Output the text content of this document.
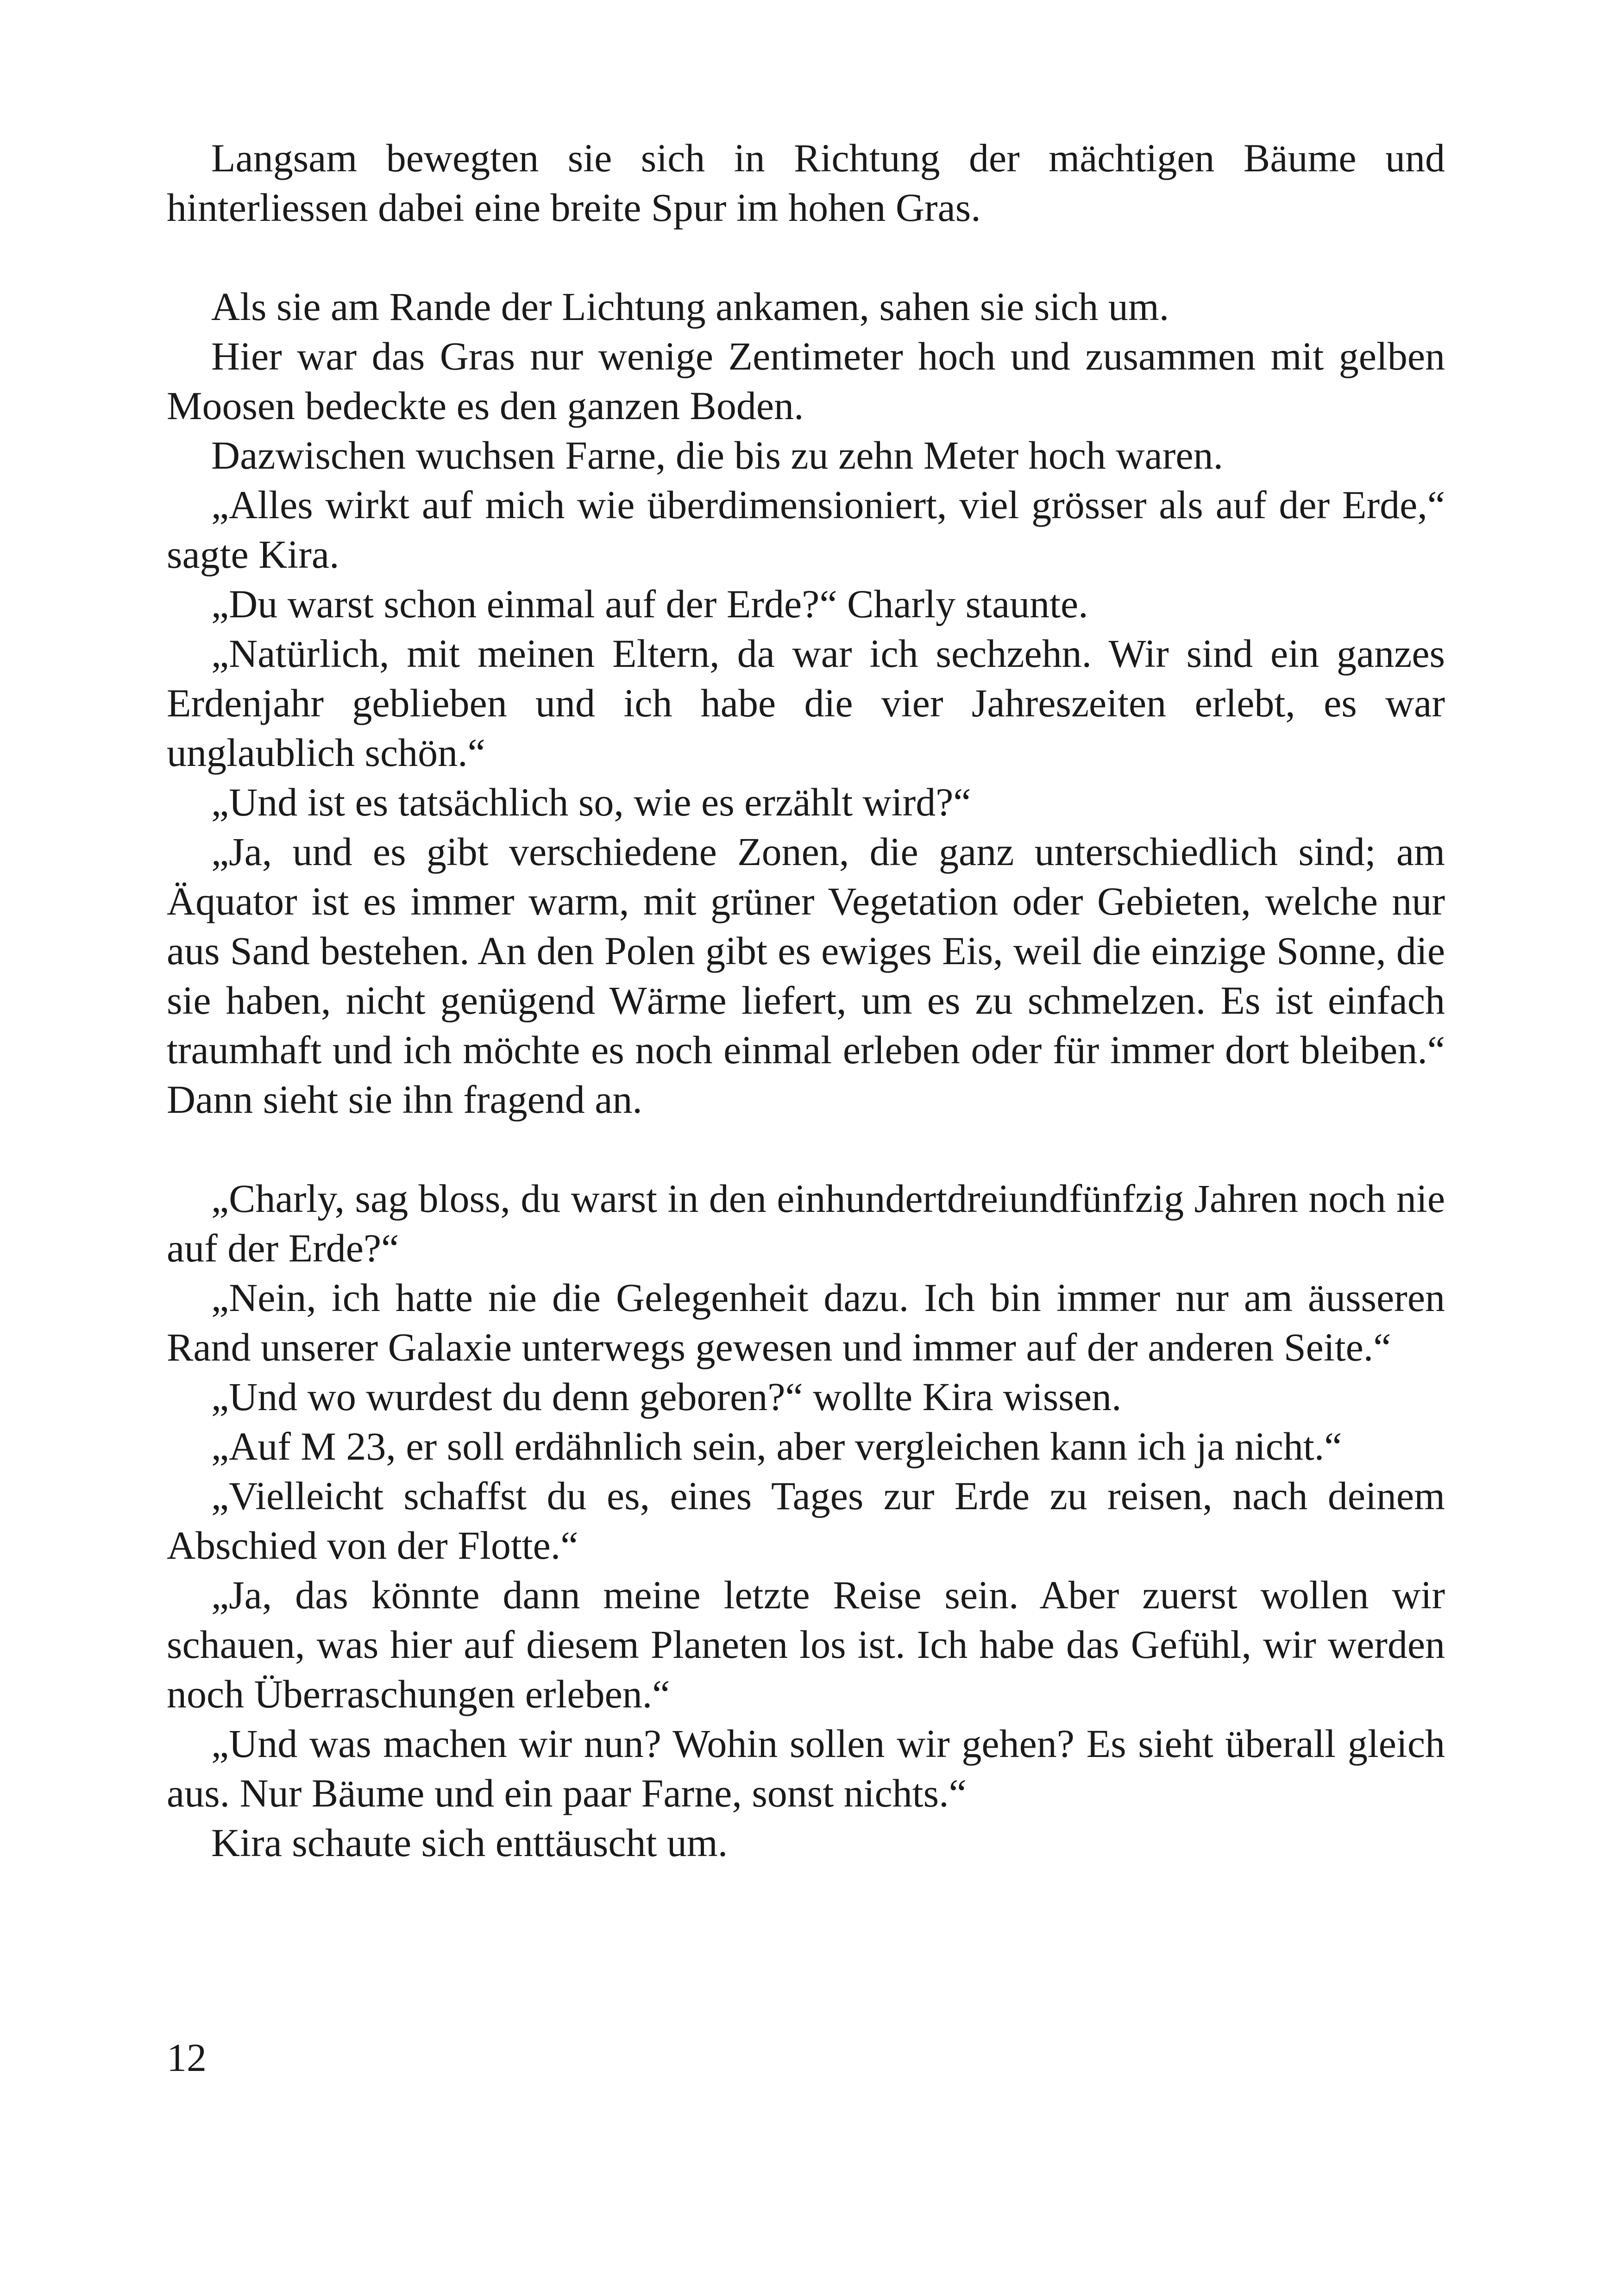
Langsam bewegten sie sich in Richtung der mächtigen Bäume und hinterliessen dabei eine breite Spur im hohen Gras.

Als sie am Rande der Lichtung ankamen, sahen sie sich um.

Hier war das Gras nur wenige Zentimeter hoch und zusammen mit gelben Moosen bedeckte es den ganzen Boden.

Dazwischen wuchsen Farne, die bis zu zehn Meter hoch waren.

„Alles wirkt auf mich wie überdimensioniert, viel grösser als auf der Erde,“ sagte Kira.

„Du warst schon einmal auf der Erde?“ Charly staunte.

„Natürlich, mit meinen Eltern, da war ich sechzehn. Wir sind ein ganzes Erdenjahr geblieben und ich habe die vier Jahreszeiten erlebt, es war unglaublich schön.“

„Und ist es tatsächlich so, wie es erzählt wird?“

„Ja, und es gibt verschiedene Zonen, die ganz unterschiedlich sind; am Äquator ist es immer warm, mit grüner Vegetation oder Gebieten, welche nur aus Sand bestehen. An den Polen gibt es ewiges Eis, weil die einzige Sonne, die sie haben, nicht genügend Wärme liefert, um es zu schmelzen. Es ist einfach traumhaft und ich möchte es noch einmal erleben oder für immer dort bleiben.“ Dann sieht sie ihn fragend an.

„Charly, sag bloss, du warst in den einhundertdreiundfünfzig Jahren noch nie auf der Erde?“

„Nein, ich hatte nie die Gelegenheit dazu. Ich bin immer nur am äusseren Rand unserer Galaxie unterwegs gewesen und immer auf der anderen Seite.“

„Und wo wurdest du denn geboren?“ wollte Kira wissen.

„Auf M 23, er soll erdähnlich sein, aber vergleichen kann ich ja nicht.“

„Vielleicht schaffst du es, eines Tages zur Erde zu reisen, nach deinem Abschied von der Flotte.“

„Ja, das könnte dann meine letzte Reise sein. Aber zuerst wollen wir schauen, was hier auf diesem Planeten los ist. Ich habe das Gefühl, wir werden noch Überraschungen erleben.“

„Und was machen wir nun? Wohin sollen wir gehen? Es sieht überall gleich aus. Nur Bäume und ein paar Farne, sonst nichts.“

Kira schaute sich enttäuscht um.

12
